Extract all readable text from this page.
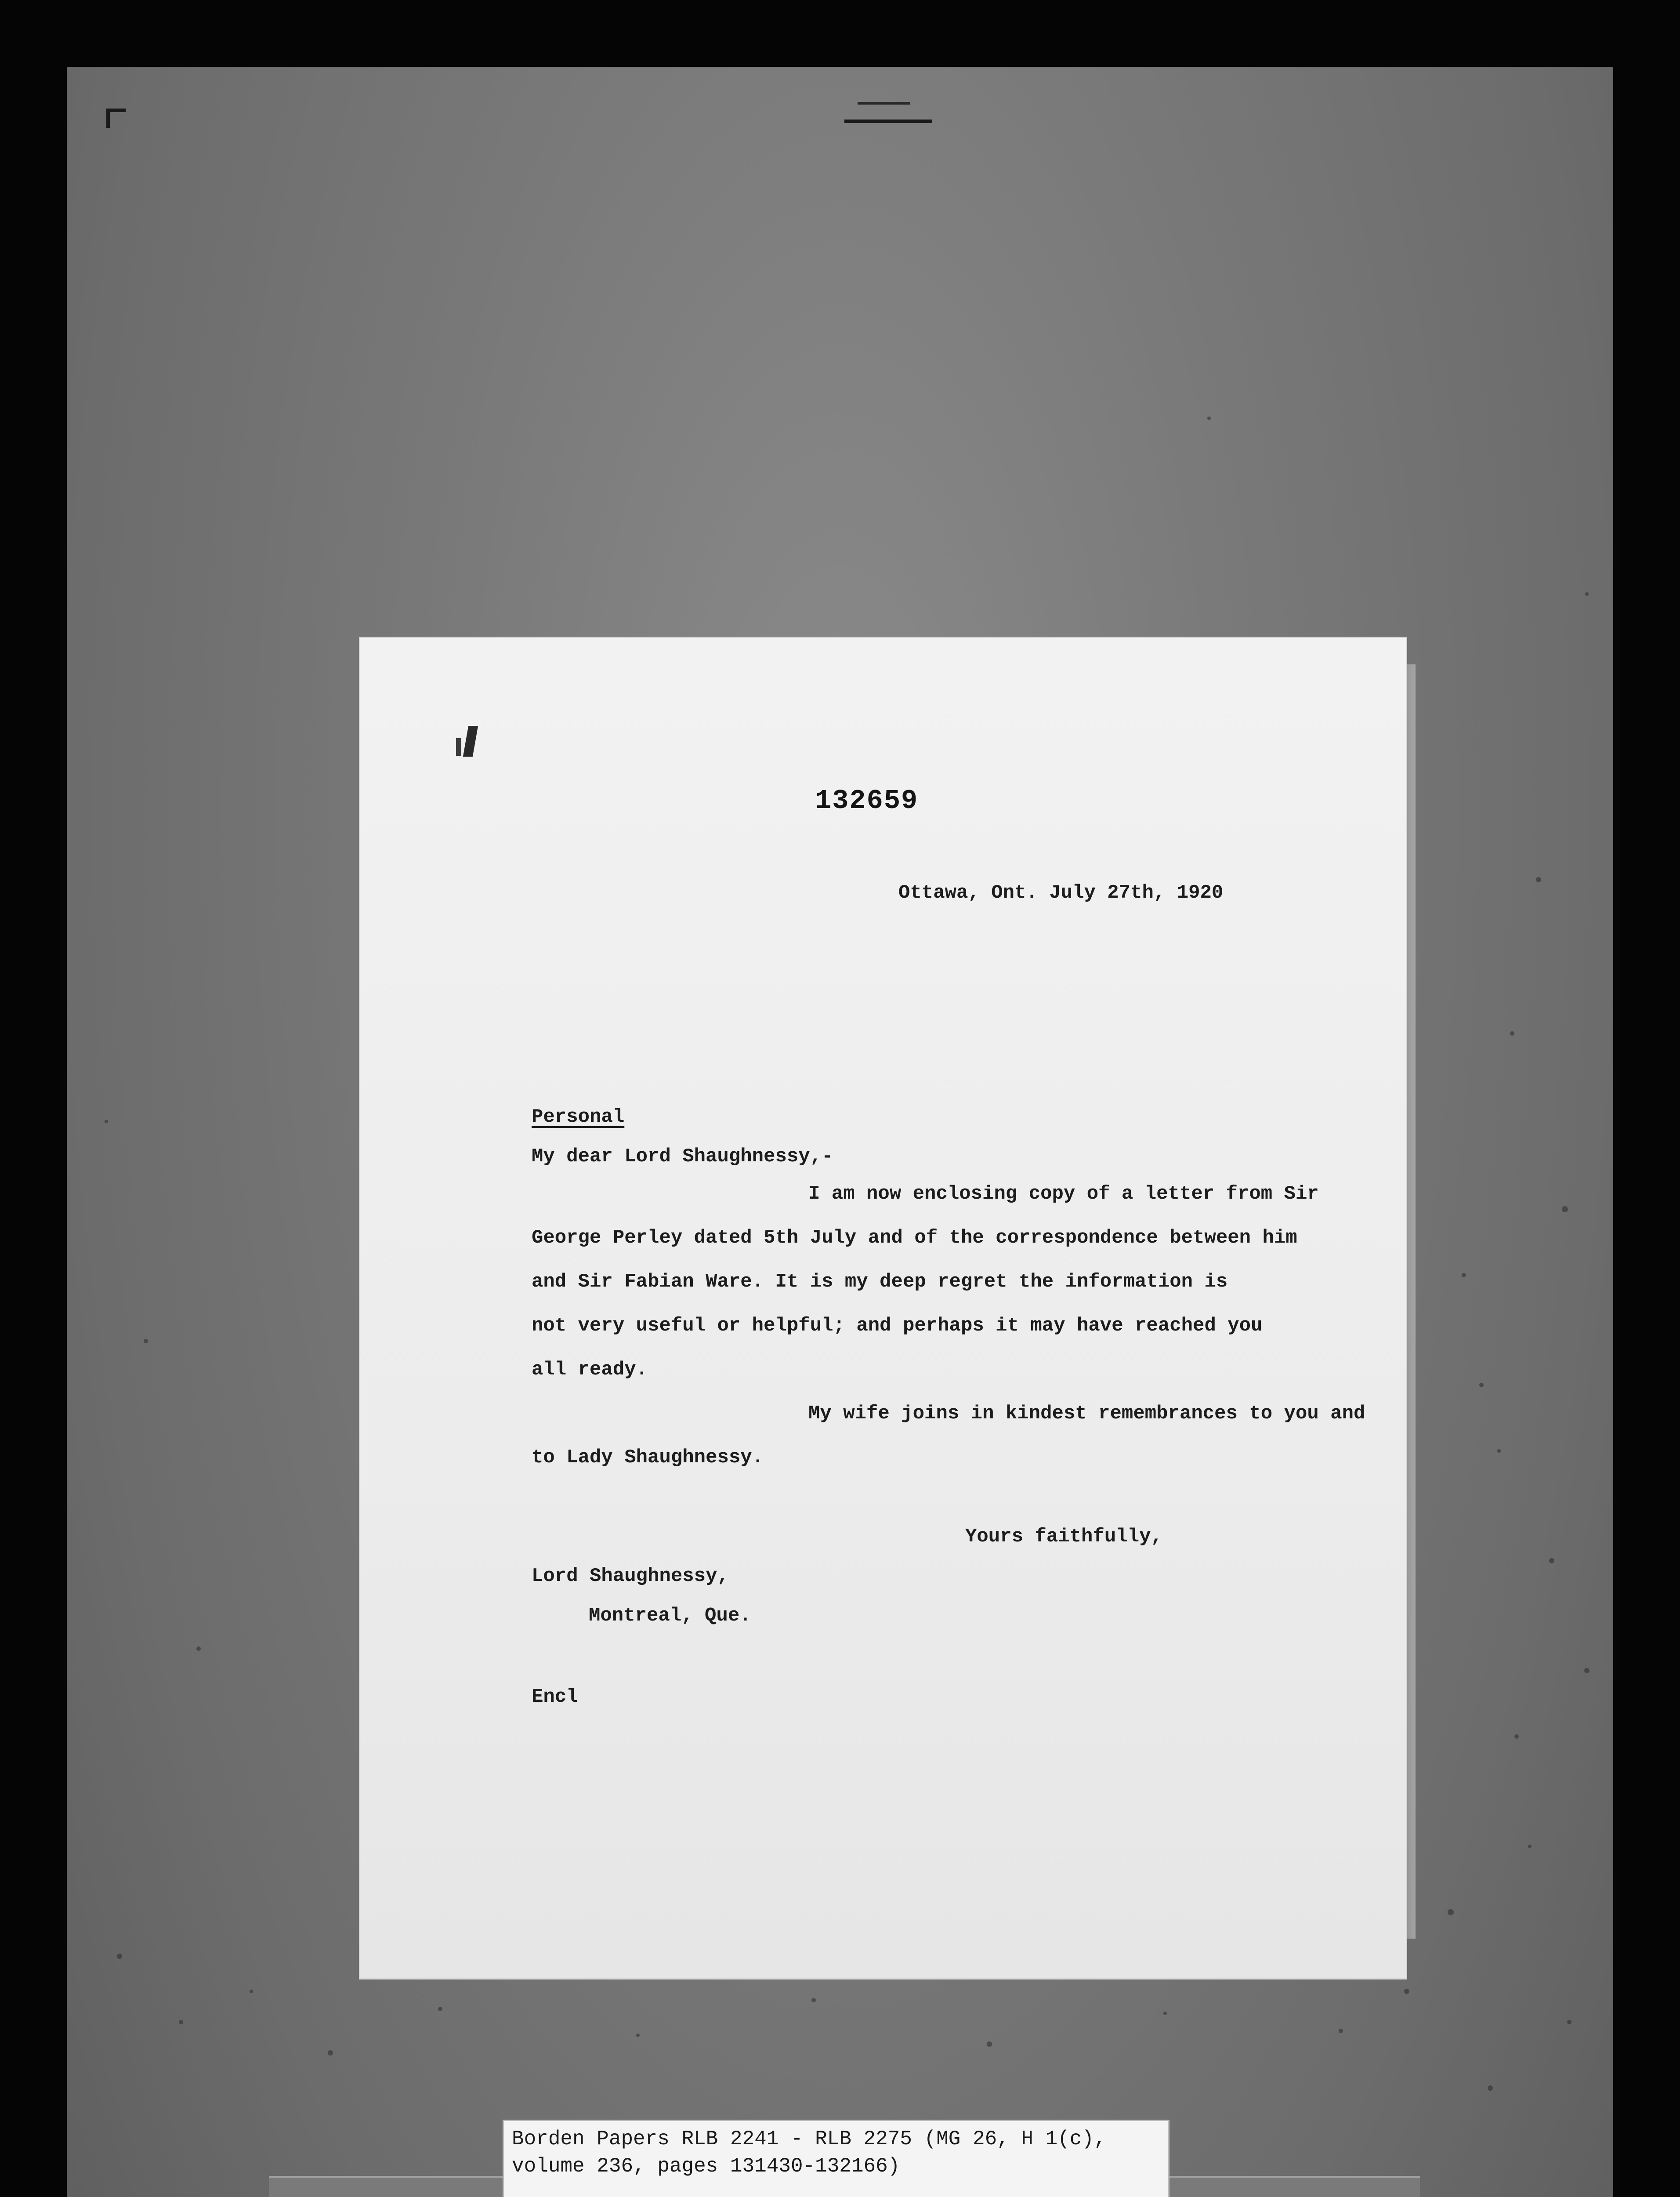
132659
Ottawa, Ont. July 27th, 1920
Personal
My dear Lord Shaughnessy,-
I am now enclosing copy of a letter from Sir
George Perley dated 5th July and of the correspondence between him
and Sir Fabian Ware. It is my deep regret the information is
not very useful or helpful; and perhaps it may have reached you
all ready.
My wife joins in kindest remembrances to you and
to Lady Shaughnessy.
Yours faithfully,
Lord Shaughnessy,
Montreal, Que.
Encl
Borden Papers RLB 2241 - RLB 2275 (MG 26, H 1(c),
volume 236, pages 131430-132166)
